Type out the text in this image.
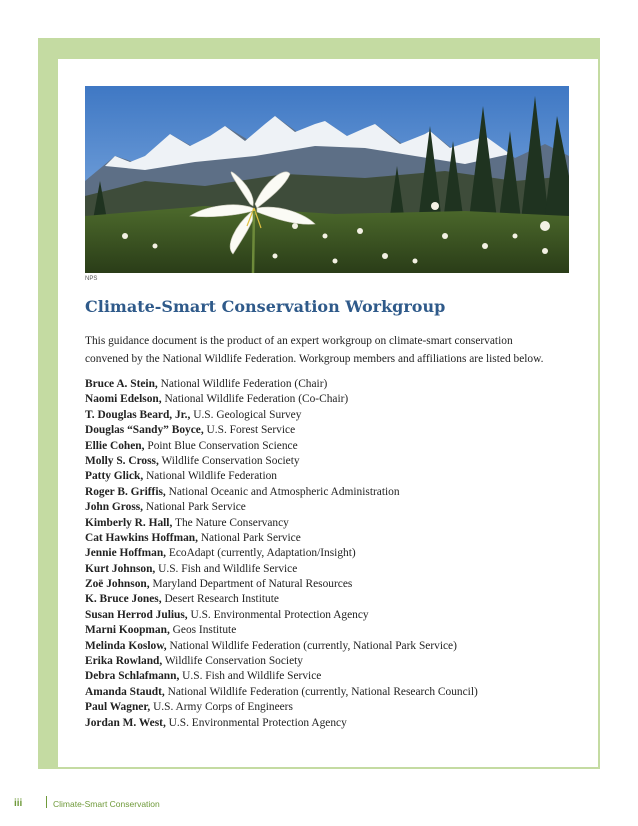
NPS
Climate-Smart Conservation Workgroup

This guidance document is the product of an expert workgroup on climate-smart conservation convened by the National Wildlife Federation. Workgroup members and affiliations are listed below.

Bruce A. Stein, National Wildlife Federation (Chair)
Naomi Edelson, National Wildlife Federation (Co-Chair)
T. Douglas Beard, Jr., U.S. Geological Survey
Douglas “Sandy” Boyce, U.S. Forest Service
Ellie Cohen, Point Blue Conservation Science
Molly S. Cross, Wildlife Conservation Society
Patty Glick, National Wildlife Federation
Roger B. Griffis, National Oceanic and Atmospheric Administration
John Gross, National Park Service
Kimberly R. Hall, The Nature Conservancy
Cat Hawkins Hoffman, National Park Service
Jennie Hoffman, EcoAdapt (currently, Adaptation/Insight)
Kurt Johnson, U.S. Fish and Wildlife Service
Zoë Johnson, Maryland Department of Natural Resources
K. Bruce Jones, Desert Research Institute
Susan Herrod Julius, U.S. Environmental Protection Agency
Marni Koopman, Geos Institute
Melinda Koslow, National Wildlife Federation (currently, National Park Service)
Erika Rowland, Wildlife Conservation Society
Debra Schlafmann, U.S. Fish and Wildlife Service
Amanda Staudt, National Wildlife Federation (currently, National Research Council)
Paul Wagner, U.S. Army Corps of Engineers
Jordan M. West, U.S. Environmental Protection Agency
iii	Climate-Smart Conservation
